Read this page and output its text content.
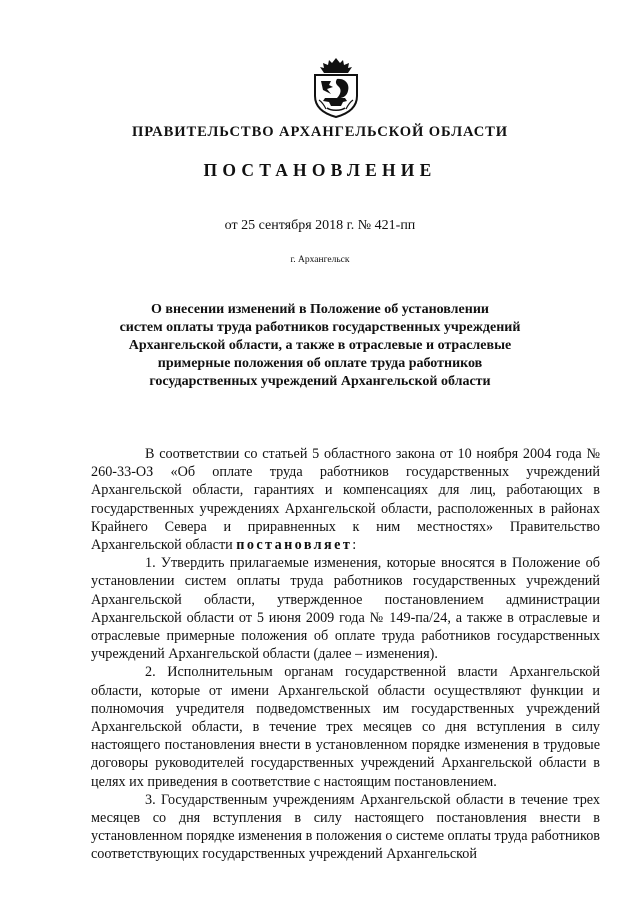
ПРАВИТЕЛЬСТВО АРХАНГЕЛЬСКОЙ ОБЛАСТИ
ПОСТАНОВЛЕНИЕ
от 25 сентября 2018 г. № 421-пп
г. Архангельск
О внесении изменений в Положение об установлении
систем оплаты труда работников государственных учреждений
Архангельской области, а также в отраслевые и отраслевые
примерные положения об оплате труда работников
государственных учреждений Архангельской области

В соответствии со статьей 5 областного закона от 10 ноября 2004 года № 260-33-ОЗ «Об оплате труда работников государственных учреждений Архангельской области, гарантиях и компенсациях для лиц, работающих в государственных учреждениях Архангельской области, расположенных в районах Крайнего Севера и приравненных к ним местностях» Правительство Архангельской области постановляет:

1. Утвердить прилагаемые изменения, которые вносятся в Положение об установлении систем оплаты труда работников государственных учреждений Архангельской области, утвержденное постановлением администрации Архангельской области от 5 июня 2009 года № 149-па/24, а также в отраслевые и отраслевые примерные положения об оплате труда работников государственных учреждений Архангельской области (далее – изменения).

2. Исполнительным органам государственной власти Архангельской области, которые от имени Архангельской области осуществляют функции и полномочия учредителя подведомственных им государственных учреждений Архангельской области, в течение трех месяцев со дня вступления в силу настоящего постановления внести в установленном порядке изменения в трудовые договоры руководителей государственных учреждений Архангельской области в целях их приведения в соответствие с настоящим постановлением.

3. Государственным учреждениям Архангельской области в течение трех месяцев со дня вступления в силу настоящего постановления внести в установленном порядке изменения в положения о системе оплаты труда работников соответствующих государственных учреждений Архангельской
